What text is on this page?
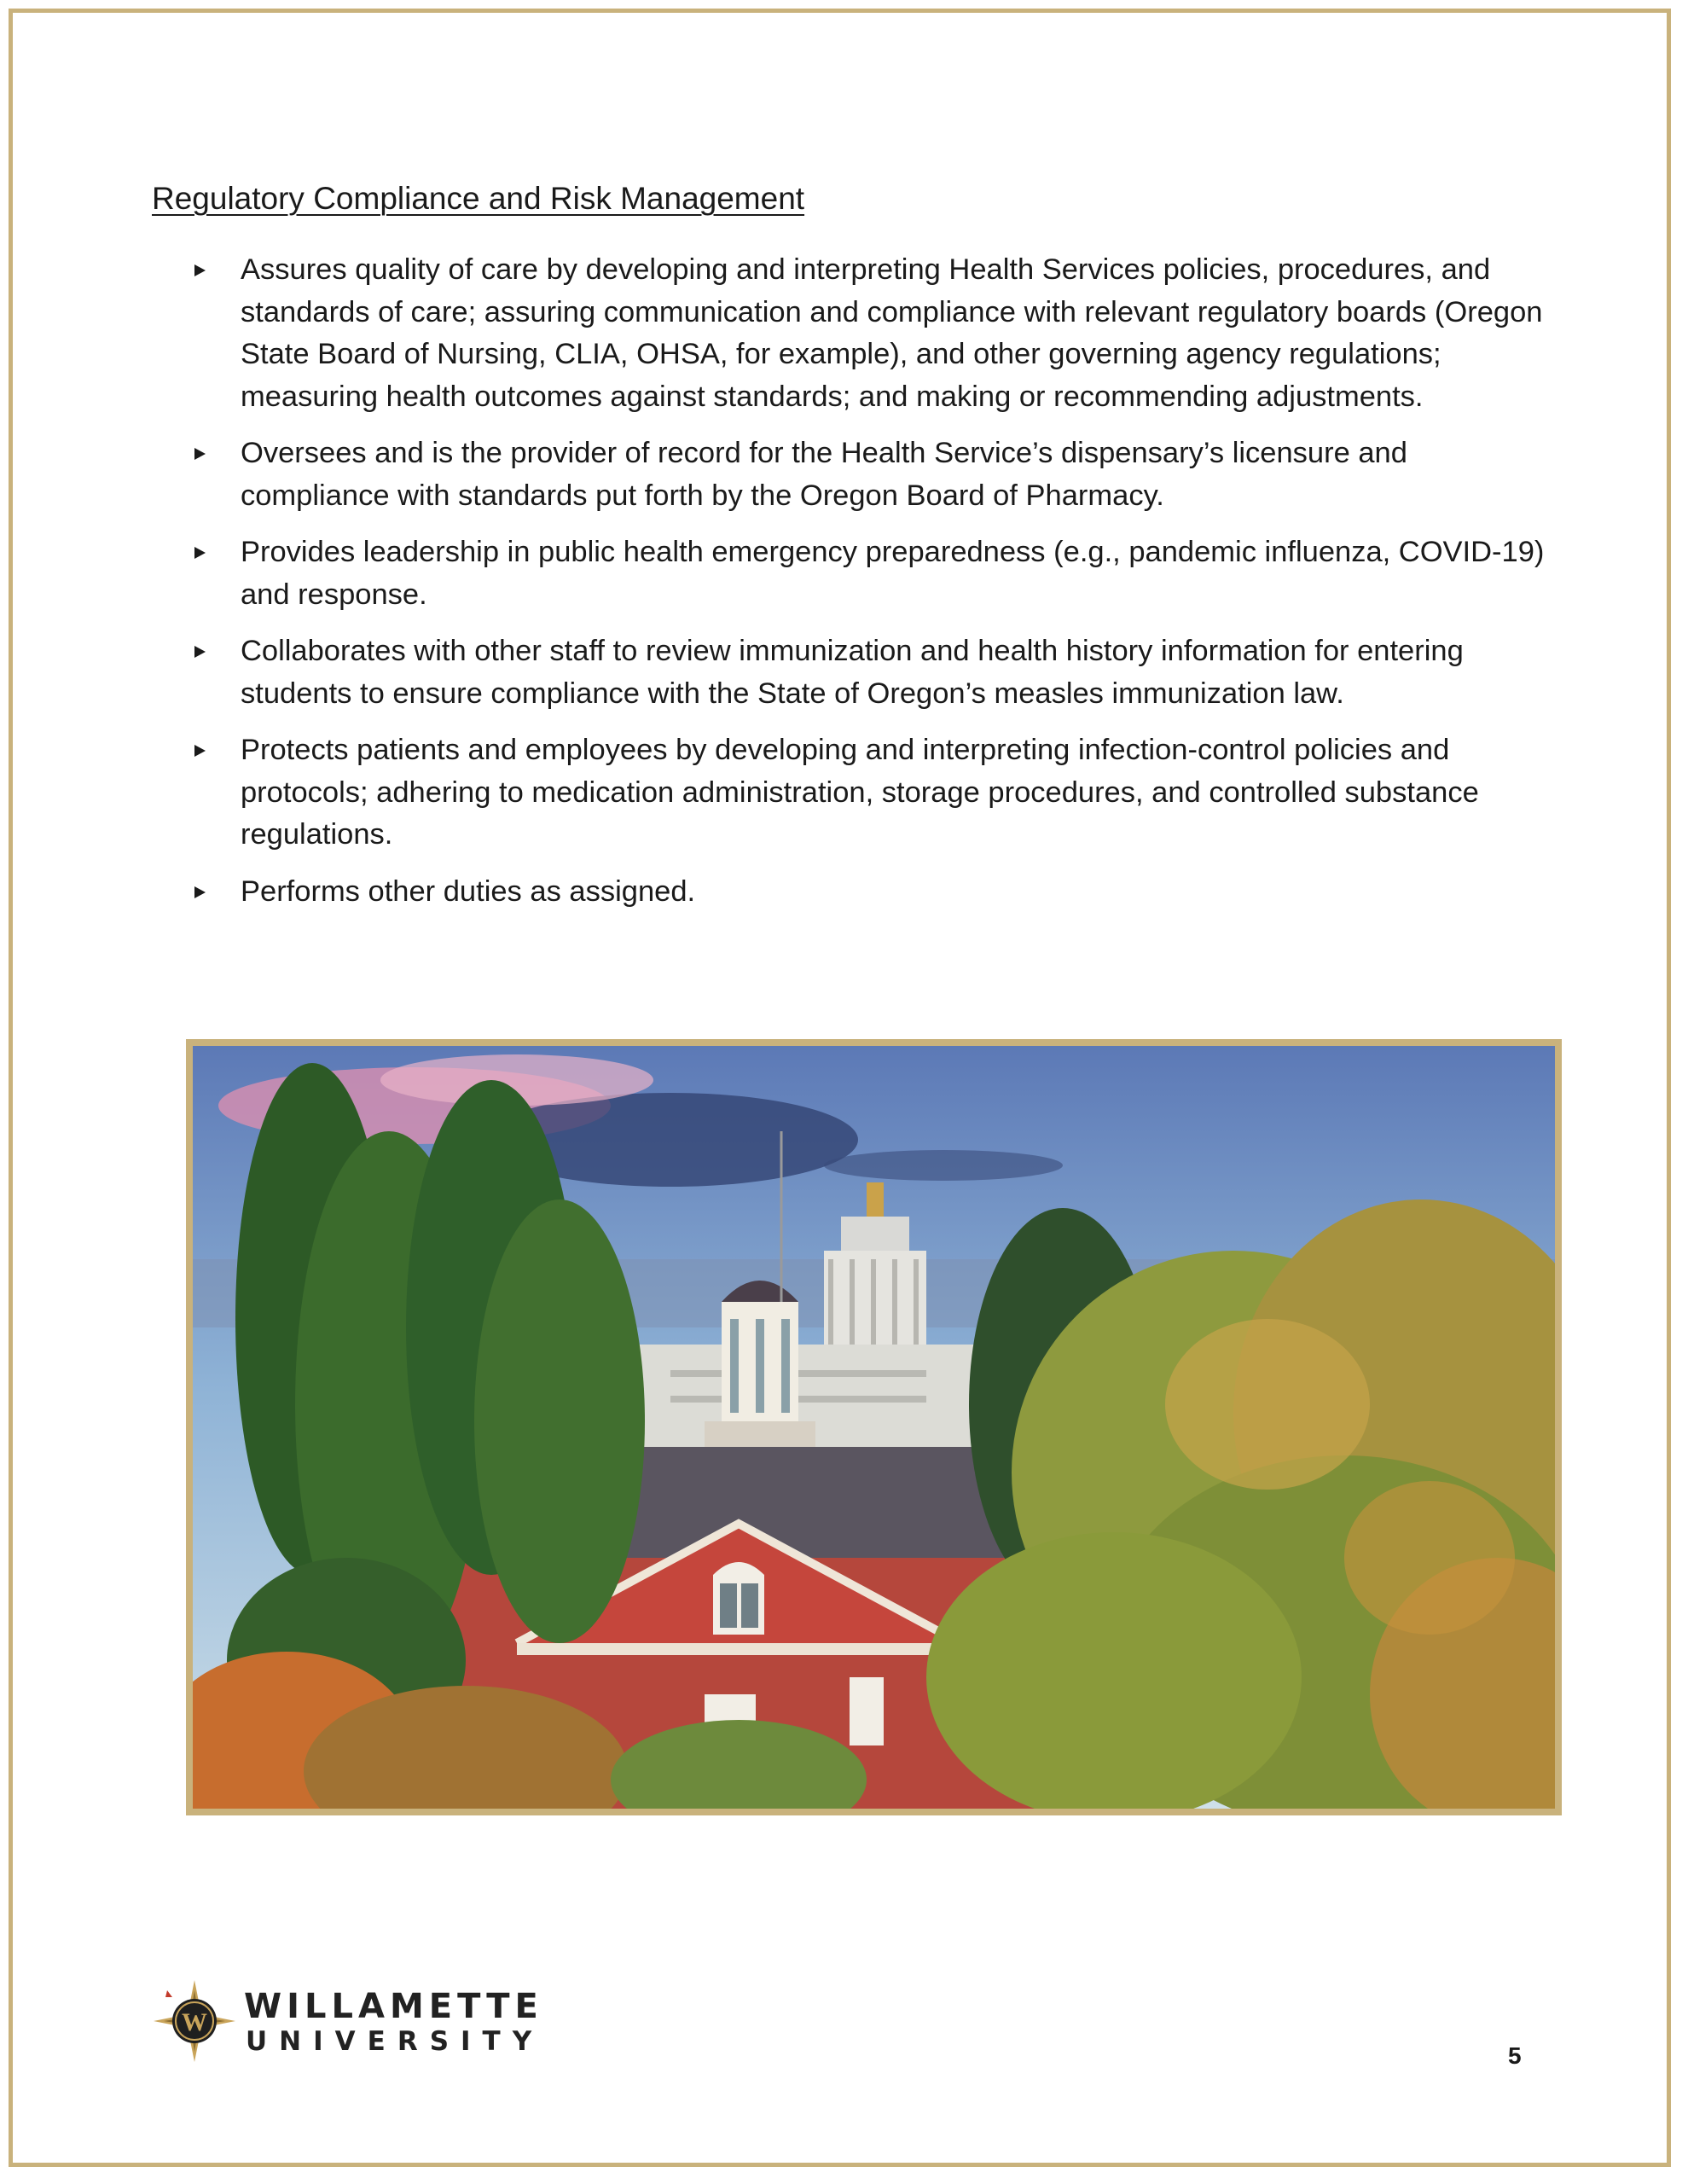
Regulatory Compliance and Risk Management
Assures quality of care by developing and interpreting Health Services policies, procedures, and standards of care; assuring communication and compliance with relevant regulatory boards (Oregon State Board of Nursing, CLIA, OHSA, for example), and other governing agency regulations; measuring health outcomes against standards; and making or recommending adjustments.
Oversees and is the provider of record for the Health Service’s dispensary’s licensure and compliance with standards put forth by the Oregon Board of Pharmacy.
Provides leadership in public health emergency preparedness (e.g., pandemic influenza, COVID-19) and response.
Collaborates with other staff to review immunization and health history information for entering students to ensure compliance with the State of Oregon’s measles immunization law.
Protects patients and employees by developing and interpreting infection-control policies and protocols; adhering to medication administration, storage procedures, and controlled substance regulations.
Performs other duties as assigned.
W WILLAMETTE
UNIVERSITY	5
